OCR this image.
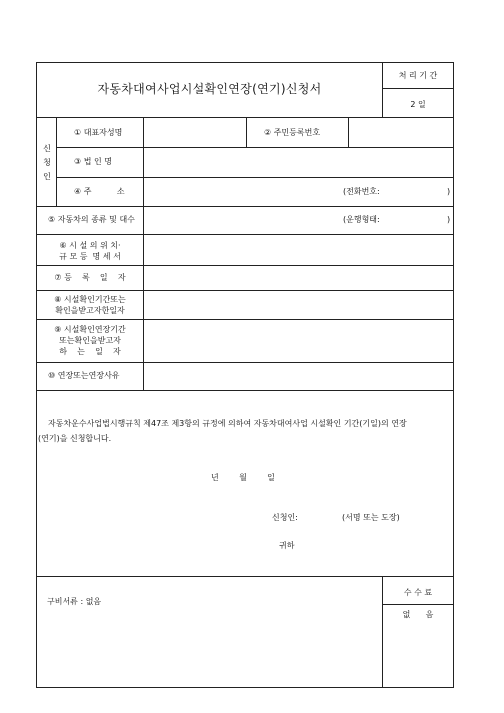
자동차대여사업시설확인연장(연기)신청서
처 리 기 간
2 일
신
청
인
① 대표자성명	② 주민등록번호
③ 법 인 명
④ 주          소	(전화번호:	)
⑤ 자동차의 종류 및 대수	(운행형태:	)
⑥ 시 설 의 위 치·
규 모 등  명 세 서
⑦ 등    록    일    자
⑧ 시설확인기간또는
확인을받고자한일자
⑨ 시설확인연장기간
또는확인을받고자
하    는    일    자
⑩ 연장또는연장사유
자동차운수사업법시행규칙 제47조 제3항의 규정에 의하여 자동차대여사업 시설확인 기간(기일)의 연장
(연기)을 신청합니다.
년        월        일
신청인:	(서명 또는 도장)
귀하
구비서류 : 없음
수 수 료
없      음
